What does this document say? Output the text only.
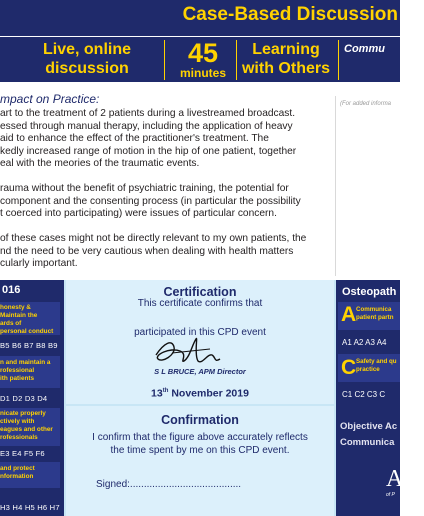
Case-Based Discussion
Live, online
discussion
45
minutes
Learning
with Others
Commu
mpact on Practice:	(For added informa
art to the treatment of 2 patients during a livestreamed broadcast.
essed through manual therapy, including the application of heavy
aid to enhance the effect of the practitioner's treatment. The
kedly increased range of motion in the hip of one patient, together
eal with the meories of the traumatic events.
rauma without the benefit of psychiatric training, the potential for
component and the consenting process (in particular the possibility
t coerced into participating) were issues of particular concern.
of these cases might not be directly relevant to my own patients, the
nd the need to be very cautious when dealing with health matters
cularly important.
016
honesty &
Maintain the
ards of
personal conduct
B5 B6 B7 B8 B9
n and maintain a
rofessional
ith patients
D1 D2 D3 D4
nicate properly
ctively with
eagues and other
rofessionals
E3 E4 F5 F6
and protect
nformation
H3 H4 H5 H6 H7
Certification
This certificate confirms that
participated in this CPD event
S L BRUCE, APM Director
13th November 2019
Confirmation
I confirm that the figure above accurately reflects
the time spent by me on this CPD event.
Signed:........................................
Osteopath
A Communica
patient partn
A1 A2 A3 A4
C Safety and qu
practice
C1 C2 C3 C
Objective Ac
Communica
A
of P
